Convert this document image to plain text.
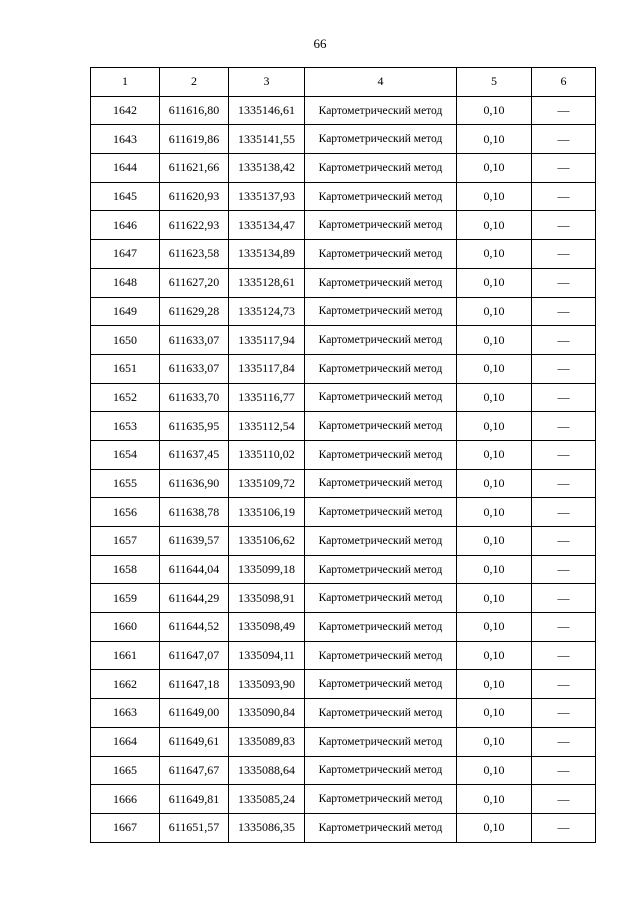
66
1	2	3	4	5	6
1642	611616,80	1335146,61	Картометрический метод	0,10	—
1643	611619,86	1335141,55	Картометрический метод	0,10	—
1644	611621,66	1335138,42	Картометрический метод	0,10	—
1645	611620,93	1335137,93	Картометрический метод	0,10	—
1646	611622,93	1335134,47	Картометрический метод	0,10	—
1647	611623,58	1335134,89	Картометрический метод	0,10	—
1648	611627,20	1335128,61	Картометрический метод	0,10	—
1649	611629,28	1335124,73	Картометрический метод	0,10	—
1650	611633,07	1335117,94	Картометрический метод	0,10	—
1651	611633,07	1335117,84	Картометрический метод	0,10	—
1652	611633,70	1335116,77	Картометрический метод	0,10	—
1653	611635,95	1335112,54	Картометрический метод	0,10	—
1654	611637,45	1335110,02	Картометрический метод	0,10	—
1655	611636,90	1335109,72	Картометрический метод	0,10	—
1656	611638,78	1335106,19	Картометрический метод	0,10	—
1657	611639,57	1335106,62	Картометрический метод	0,10	—
1658	611644,04	1335099,18	Картометрический метод	0,10	—
1659	611644,29	1335098,91	Картометрический метод	0,10	—
1660	611644,52	1335098,49	Картометрический метод	0,10	—
1661	611647,07	1335094,11	Картометрический метод	0,10	—
1662	611647,18	1335093,90	Картометрический метод	0,10	—
1663	611649,00	1335090,84	Картометрический метод	0,10	—
1664	611649,61	1335089,83	Картометрический метод	0,10	—
1665	611647,67	1335088,64	Картометрический метод	0,10	—
1666	611649,81	1335085,24	Картометрический метод	0,10	—
1667	611651,57	1335086,35	Картометрический метод	0,10	—
